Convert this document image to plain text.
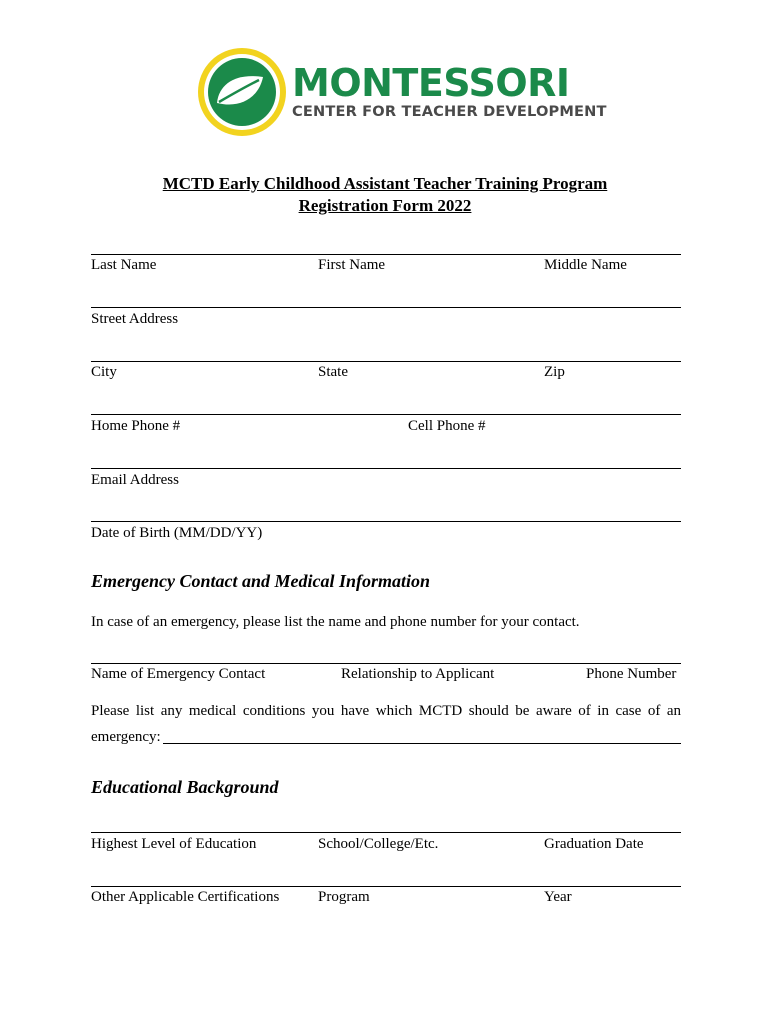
MONTESSORI
CENTER FOR TEACHER DEVELOPMENT
MCTD Early Childhood Assistant Teacher Training Program
Registration Form 2022
Last Name	First Name	Middle Name
Street Address
City	State	Zip
Home Phone #	Cell Phone #
Email Address
Date of Birth (MM/DD/YY)
Emergency Contact and Medical Information
In case of an emergency, please list the name and phone number for your contact.
Name of Emergency Contact	Relationship to Applicant	Phone Number
Please list any medical conditions you have which MCTD should be aware of in case of an
emergency:
Educational Background
Highest Level of Education	School/College/Etc.	Graduation Date
Other Applicable Certifications	Program	Year
